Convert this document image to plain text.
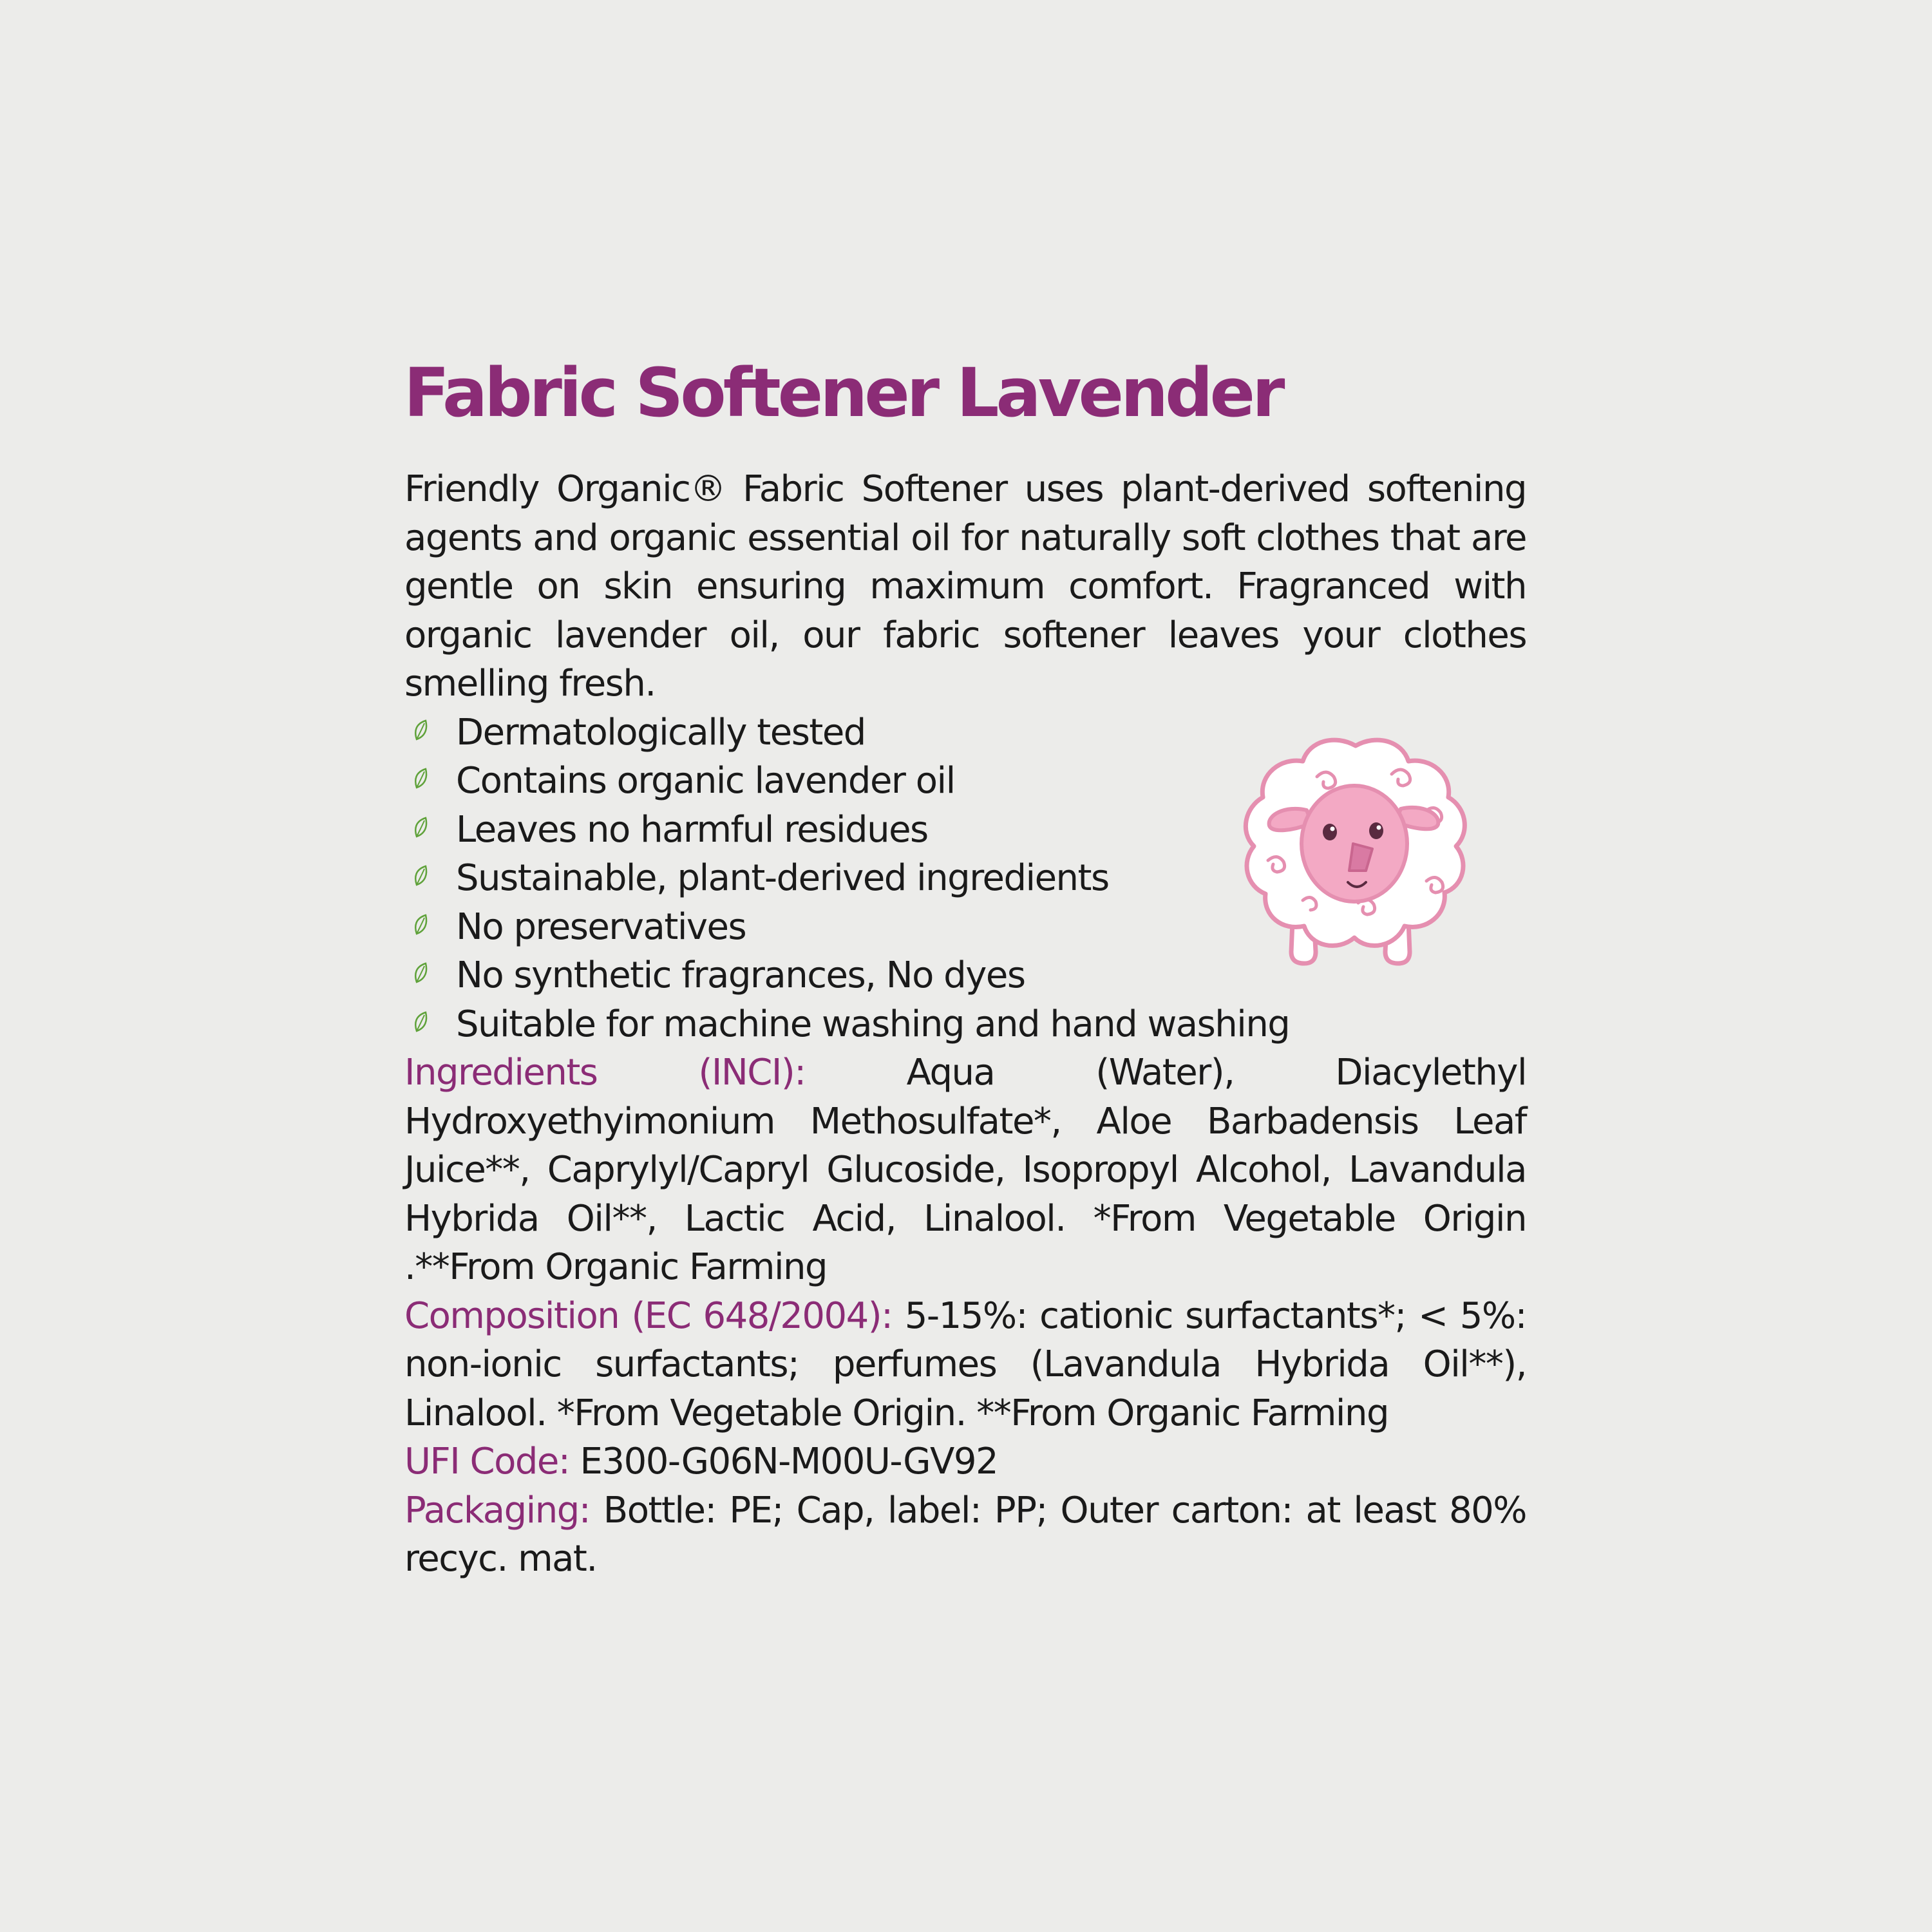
Fabric Softener Lavender

Friendly Organic® Fabric Softener uses plant-derived softening agents and organic essential oil for naturally soft clothes that are gentle on skin ensuring maximum comfort. Fragranced with organic lavender oil, our fabric softener leaves your clothes smelling fresh.

Dermatologically tested
Contains organic lavender oil
Leaves no harmful residues
Sustainable, plant-derived ingredients
No preservatives
No synthetic fragrances, No dyes
Suitable for machine washing and hand washing

Ingredients (INCI): Aqua (Water), Diacylethyl Hydroxyethyimonium Methosulfate*, Aloe Barbadensis Leaf Juice**, Caprylyl/Capryl Glucoside, Isopropyl Alcohol, Lavandula Hybrida Oil**, Lactic Acid, Linalool. *From Vegetable Origin .**From Organic Farming

Composition (EC 648/2004): 5-15%: cationic surfactants*; < 5%: non-ionic surfactants; perfumes (Lavandula Hybrida Oil**), Linalool. *From Vegetable Origin. **From Organic Farming

UFI Code: E300-G06N-M00U-GV92

Packaging: Bottle: PE; Cap, label: PP; Outer carton: at least 80% recyc. mat.
